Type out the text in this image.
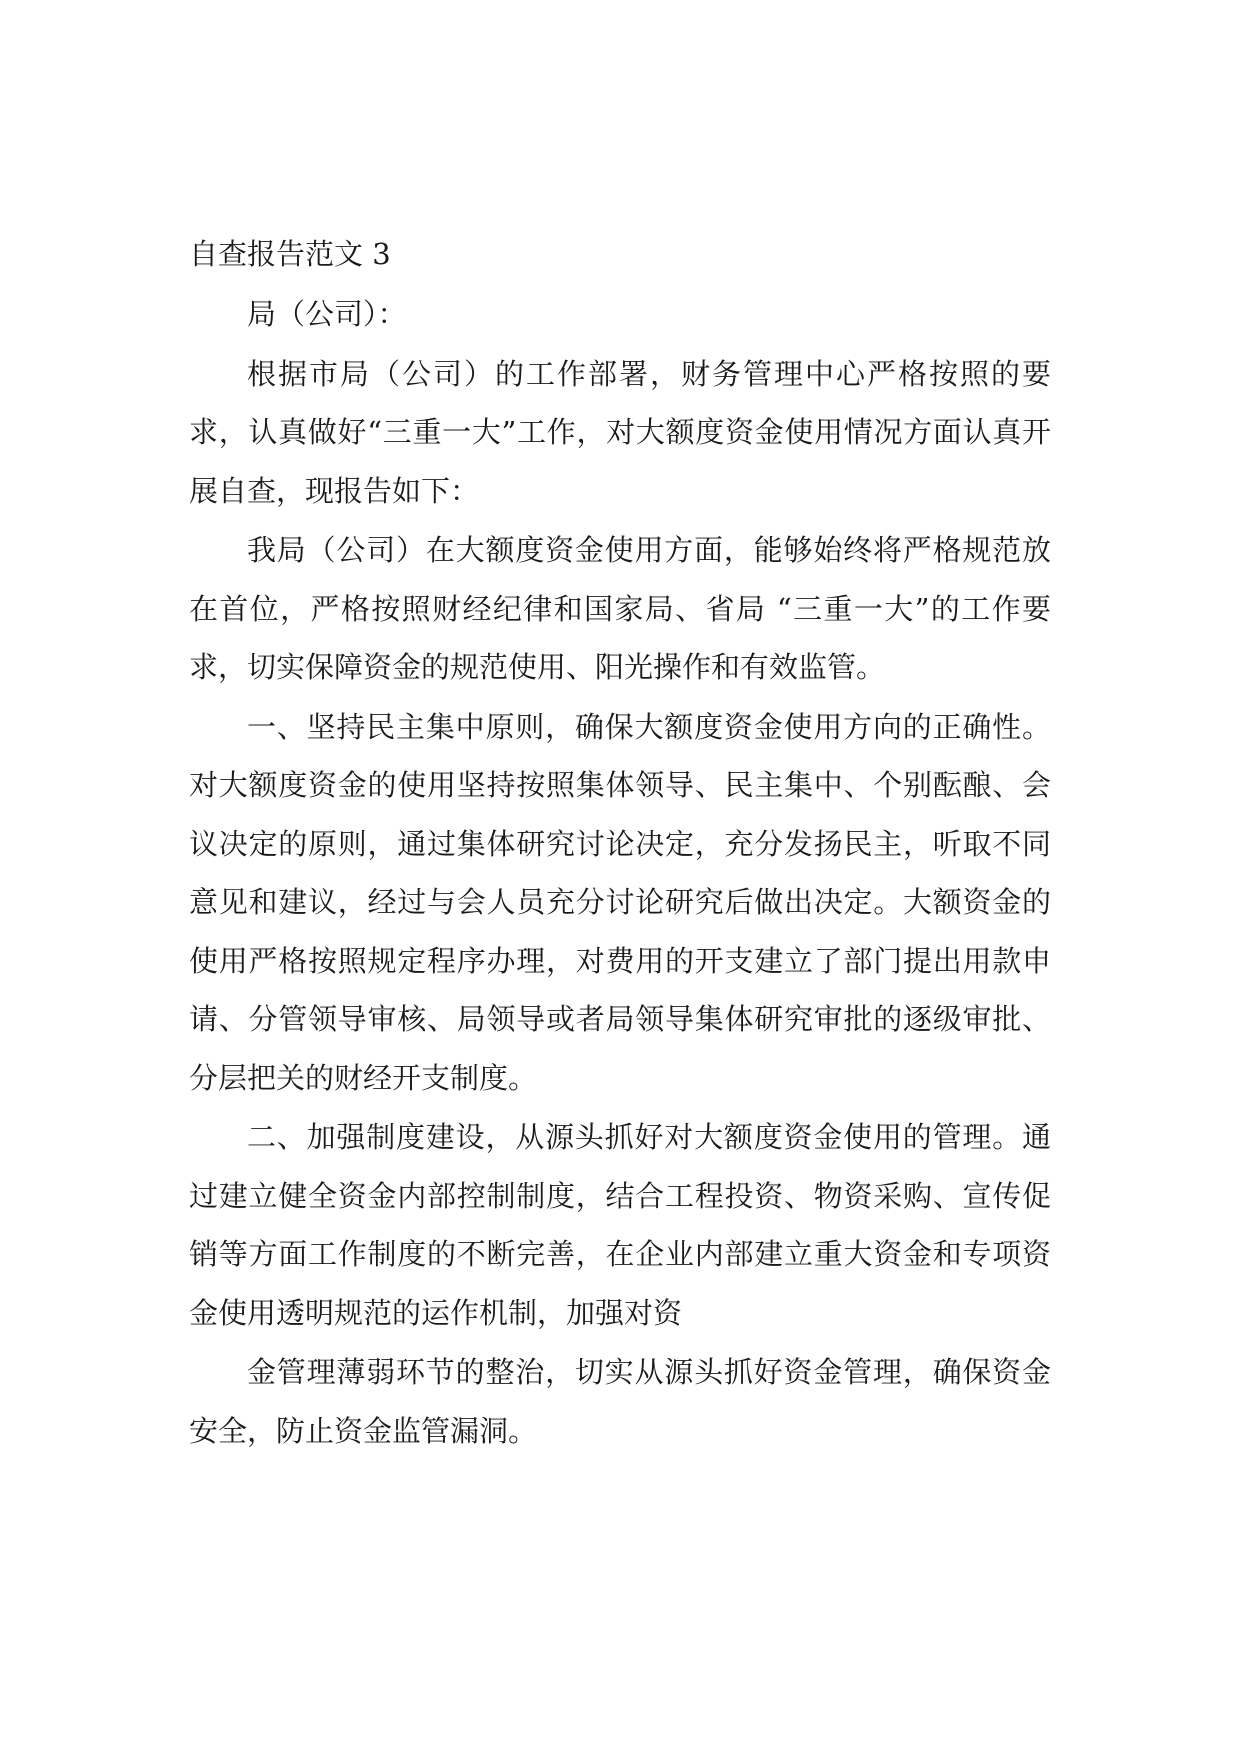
自查报告范文 3

局（公司）：

根据市局（公司）的工作部署，财务管理中心严格按照的要求，认真做好“三重一大”工作，对大额度资金使用情况方面认真开展自查，现报告如下：

我局（公司）在大额度资金使用方面，能够始终将严格规范放在首位，严格按照财经纪律和国家局、省局 “三重一大”的工作要求，切实保障资金的规范使用、阳光操作和有效监管。

一、坚持民主集中原则，确保大额度资金使用方向的正确性。对大额度资金的使用坚持按照集体领导、民主集中、个别酝酿、会议决定的原则，通过集体研究讨论决定，充分发扬民主，听取不同意见和建议，经过与会人员充分讨论研究后做出决定。大额资金的使用严格按照规定程序办理，对费用的开支建立了部门提出用款申请、分管领导审核、局领导或者局领导集体研究审批的逐级审批、分层把关的财经开支制度。

二、加强制度建设，从源头抓好对大额度资金使用的管理。通过建立健全资金内部控制制度，结合工程投资、物资采购、宣传促销等方面工作制度的不断完善，在企业内部建立重大资金和专项资金使用透明规范的运作机制，加强对资

金管理薄弱环节的整治，切实从源头抓好资金管理，确保资金安全，防止资金监管漏洞。
